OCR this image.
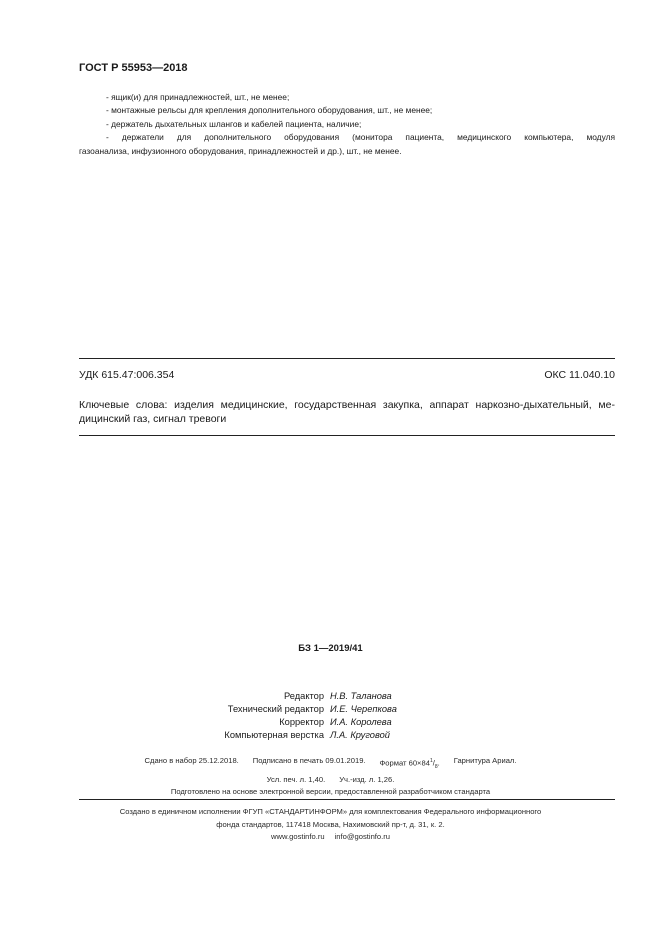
ГОСТ Р 55953—2018
- ящик(и) для принадлежностей, шт., не менее;
- монтажные рельсы для крепления дополнительного оборудования, шт., не менее;
- держатель дыхательных шлангов и кабелей пациента, наличие;
- держатели для дополнительного оборудования (монитора пациента, медицинского компьютера, модуля
газоанализа, инфузионного оборудования, принадлежностей и др.), шт., не менее.
УДК 615.47:006.354	ОКС 11.040.10
Ключевые слова: изделия медицинские, государственная закупка, аппарат наркозно-дыхательный, ме-
дицинский газ, сигнал тревоги
БЗ 1—2019/41
Редактор Н.В. Таланова
Технический редактор И.Е. Черепкова
Корректор И.А. Королева
Компьютерная верстка Л.А. Круговой
Сдано в набор 25.12.2018. Подписано в печать 09.01.2019. Формат $60\times 84^1/_8$. Гарнитура Ариал.
Усл. печ. л. 1,40. Уч.-изд. л. 1,26.
Подготовлено на основе электронной версии, предоставленной разработчиком стандарта
Создано в единичном исполнении ФГУП «СТАНДАРТИНФОРМ» для комплектования Федерального информационного
фонда стандартов, 117418 Москва, Нахимовский пр-т, д. 31, к. 2.
www.gostinfo.ru info@gostinfo.ru
